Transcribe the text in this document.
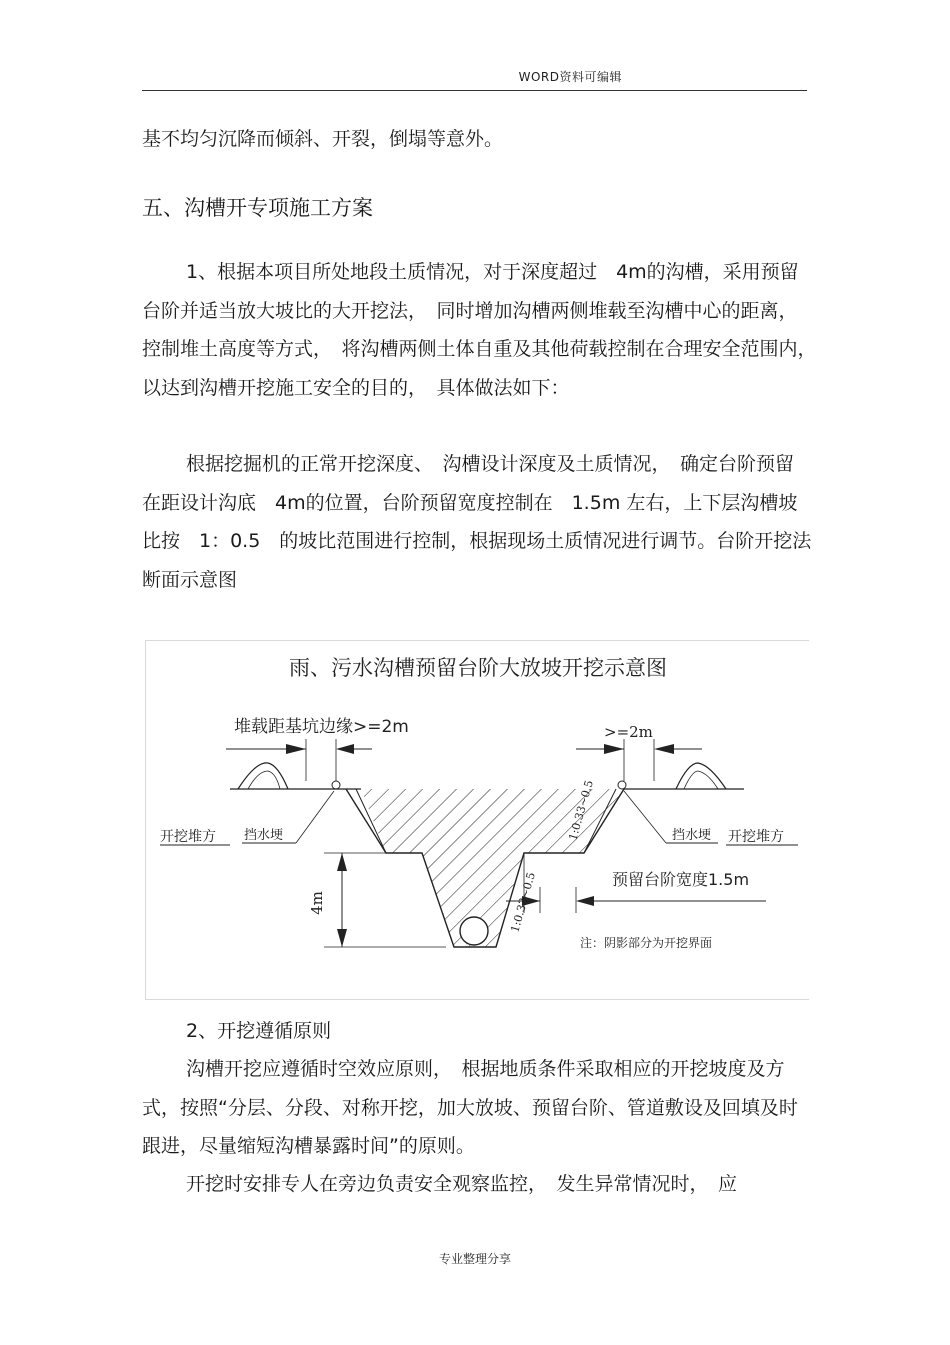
WORD资料可编辑

基不均匀沉降而倾斜、开裂，倒塌等意外。

五、沟槽开专项施工方案

1、根据本项目所处地段土质情况，对于深度超过　4m的沟槽，采用预留台阶并适当放大坡比的大开挖法，　同时增加沟槽两侧堆载至沟槽中心的距离，　控制堆土高度等方式，　将沟槽两侧土体自重及其他荷载控制在合理安全范围内，　以达到沟槽开挖施工安全的目的，　具体做法如下：

根据挖掘机的正常开挖深度、　沟槽设计深度及土质情况，　确定台阶预留在距设计沟底　4m的位置，台阶预留宽度控制在　1.5m 左右，上下层沟槽坡比按　1：0.5　的坡比范围进行控制，根据现场土质情况进行调节。台阶开挖法断面示意图

雨、污水沟槽预留台阶大放坡开挖示意图
堆载距基坑边缘>=2m	>=2m
开挖堆方 挡水埂	挡水埂 开挖堆方
4m
预留台阶宽度1.5m
1:0.33~0.5
1:0.33~0.5
注：阴影部分为开挖界面

2、开挖遵循原则

沟槽开挖应遵循时空效应原则，　根据地质条件采取相应的开挖坡度及方式，按照“分层、分段、对称开挖，加大放坡、预留台阶、管道敷设及回填及时跟进，尽量缩短沟槽暴露时间”的原则。

开挖时安排专人在旁边负责安全观察监控，　发生异常情况时，　应

专业整理分享
